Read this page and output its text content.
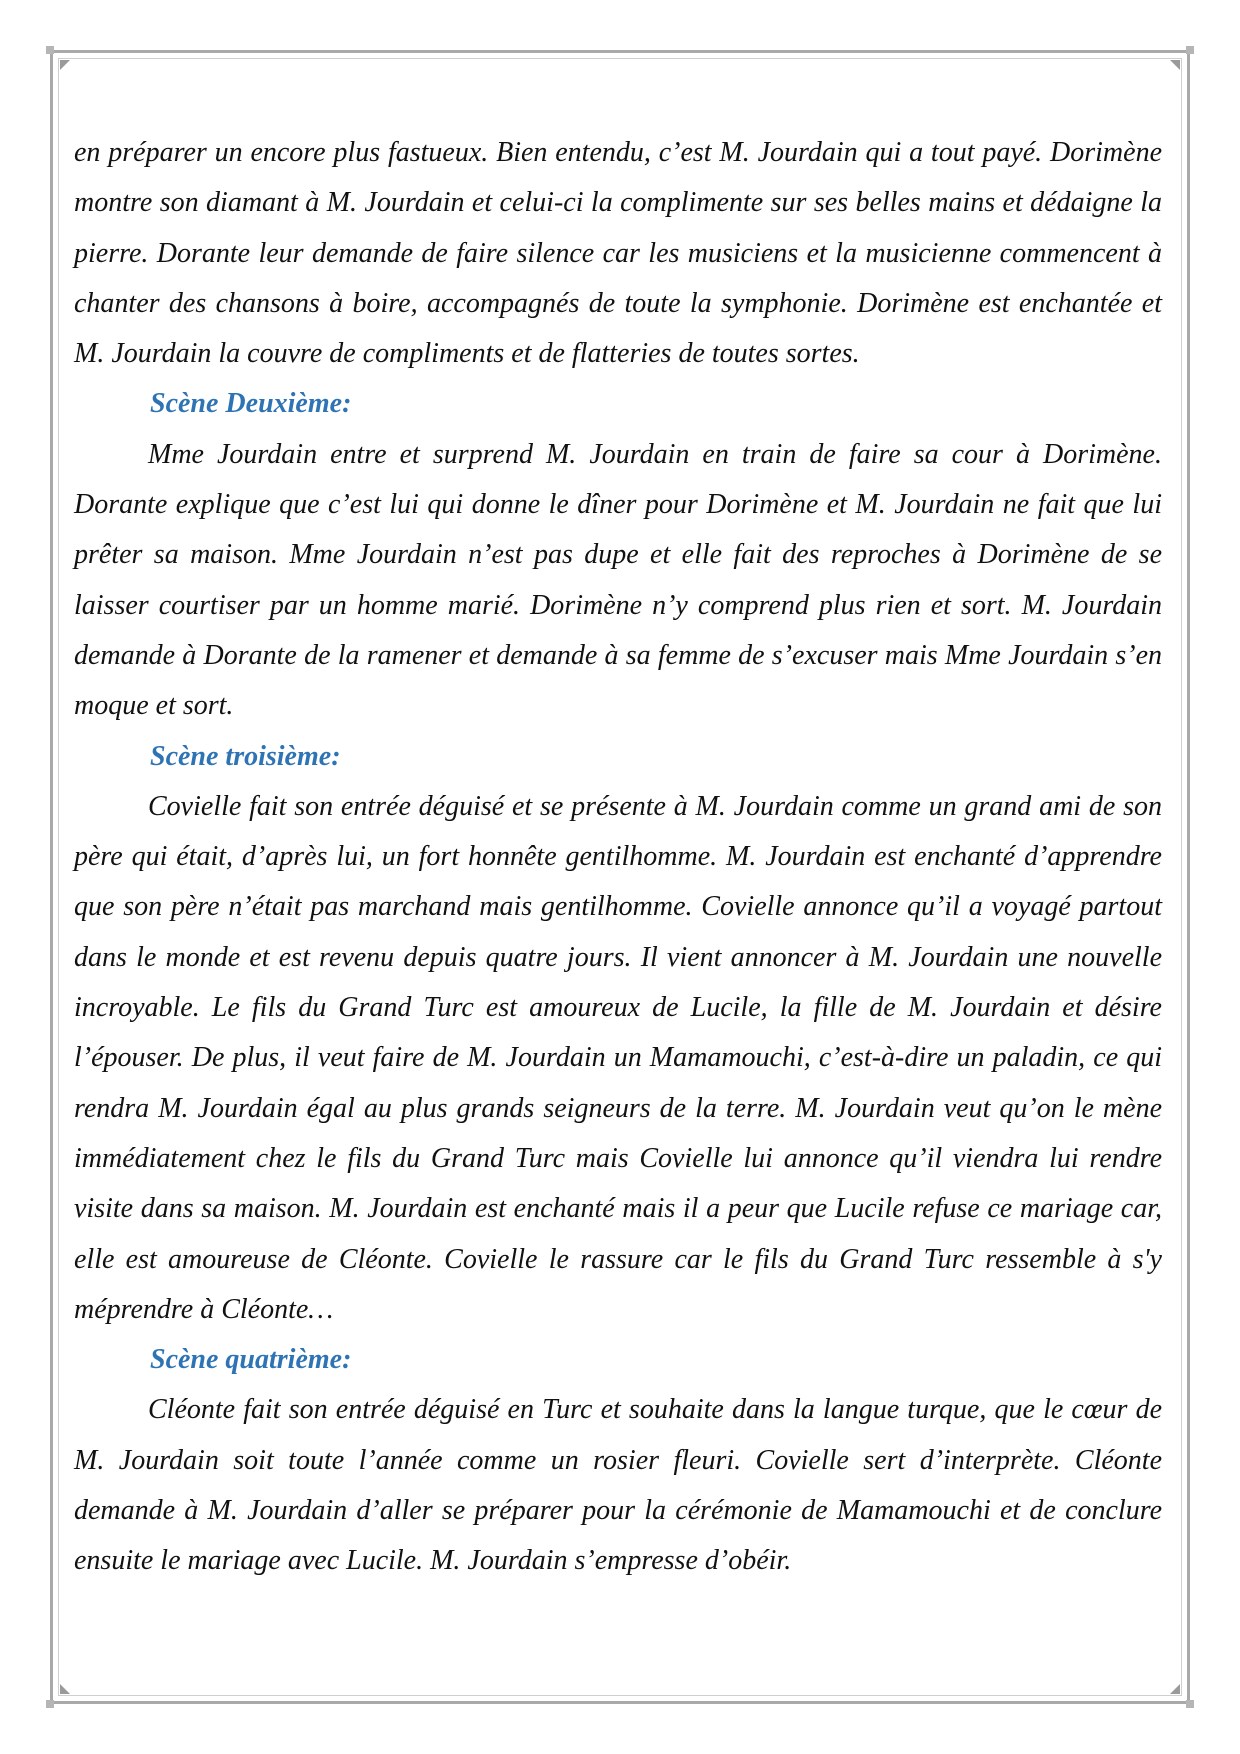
en préparer un encore plus fastueux. Bien entendu, c’est M. Jourdain qui a tout payé. Dorimène montre son diamant à M. Jourdain et celui-ci la complimente sur ses belles mains et dédaigne la pierre. Dorante leur demande de faire silence car les musiciens et la musicienne commencent à chanter des chansons à boire, accompagnés de toute la symphonie. Dorimène est enchantée et M. Jourdain la couvre de compliments et de flatteries de toutes sortes.

Scène Deuxième:

Mme Jourdain entre et surprend M. Jourdain en train de faire sa cour à Dorimène. Dorante explique que c’est lui qui donne le dîner pour Dorimène et M. Jourdain ne fait que lui prêter sa maison. Mme Jourdain n’est pas dupe et elle fait des reproches à Dorimène de se laisser courtiser par un homme marié. Dorimène n’y comprend plus rien et sort. M. Jourdain demande à Dorante de la ramener et demande à sa femme de s’excuser mais Mme Jourdain s’en moque et sort.

Scène troisième:

Covielle fait son entrée déguisé et se présente à M. Jourdain comme un grand ami de son père qui était, d’après lui, un fort honnête gentilhomme. M. Jourdain est enchanté d’apprendre que son père n’était pas marchand mais gentilhomme. Covielle annonce qu’il a voyagé partout dans le monde et est revenu depuis quatre jours. Il vient annoncer à M. Jourdain une nouvelle incroyable. Le fils du Grand Turc est amoureux de Lucile, la fille de M. Jourdain et désire l’épouser. De plus, il veut faire de M. Jourdain un Mamamouchi, c’est-à-dire un paladin, ce qui rendra M. Jourdain égal au plus grands seigneurs de la terre. M. Jourdain veut qu’on le mène immédiatement chez le fils du Grand Turc mais Covielle lui annonce qu’il viendra lui rendre visite dans sa maison. M. Jourdain est enchanté mais il a peur que Lucile refuse ce mariage car, elle est amoureuse de Cléonte. Covielle le rassure car le fils du Grand Turc ressemble à s'y méprendre à Cléonte…

Scène quatrième:

Cléonte fait son entrée déguisé en Turc et souhaite dans la langue turque, que le cœur de M. Jourdain soit toute l’année comme un rosier fleuri. Covielle sert d’interprète. Cléonte demande à M. Jourdain d’aller se préparer pour la cérémonie de Mamamouchi et de conclure ensuite le mariage avec Lucile. M. Jourdain s’empresse d’obéir.
